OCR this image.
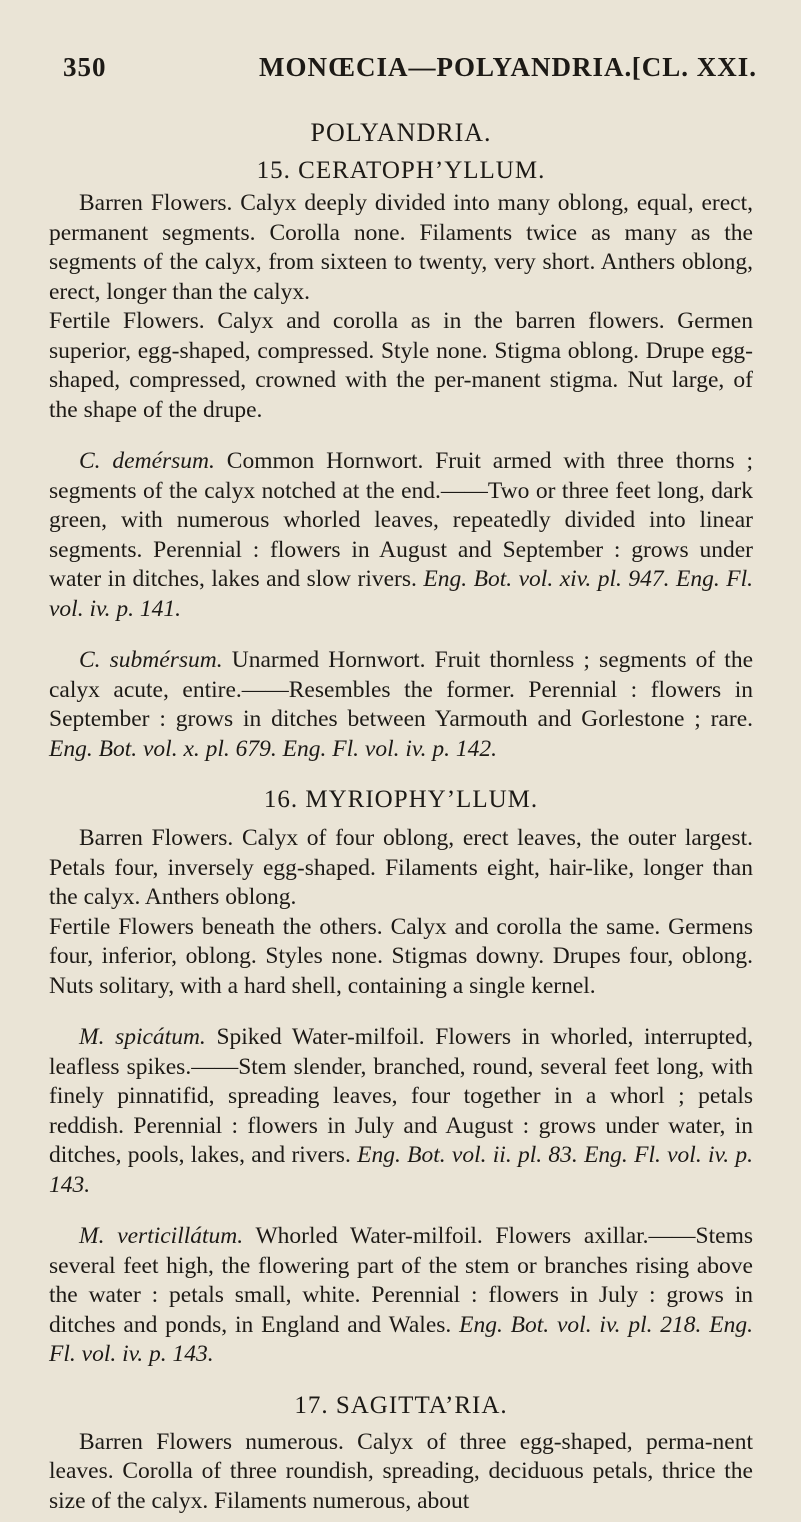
350	MONŒCIA—POLYANDRIA. [CL. XXI.
POLYANDRIA.
15. CERATOPH’YLLUM.

Barren Flowers. Calyx deeply divided into many oblong, equal, erect, permanent segments. Corolla none. Filaments twice as many as the segments of the calyx, from sixteen to twenty, very short. Anthers oblong, erect, longer than the calyx.
Fertile Flowers. Calyx and corolla as in the barren flowers. Germen superior, egg-shaped, compressed. Style none. Stigma oblong. Drupe egg-shaped, compressed, crowned with the per-manent stigma. Nut large, of the shape of the drupe.

C. demérsum. Common Hornwort. Fruit armed with three thorns ; segments of the calyx notched at the end.——Two or three feet long, dark green, with numerous whorled leaves, repeatedly divided into linear segments. Perennial : flowers in August and September : grows under water in ditches, lakes and slow rivers. Eng. Bot. vol. xiv. pl. 947. Eng. Fl. vol. iv. p. 141.

C. submérsum. Unarmed Hornwort. Fruit thornless ; segments of the calyx acute, entire.——Resembles the former. Perennial : flowers in September : grows in ditches between Yarmouth and Gorlestone ; rare. Eng. Bot. vol. x. pl. 679. Eng. Fl. vol. iv. p. 142.

16. MYRIOPHY’LLUM.

Barren Flowers. Calyx of four oblong, erect leaves, the outer largest. Petals four, inversely egg-shaped. Filaments eight, hair-like, longer than the calyx. Anthers oblong.
Fertile Flowers beneath the others. Calyx and corolla the same. Germens four, inferior, oblong. Styles none. Stigmas downy. Drupes four, oblong. Nuts solitary, with a hard shell, containing a single kernel.

M. spicátum. Spiked Water-milfoil. Flowers in whorled, interrupted, leafless spikes.——Stem slender, branched, round, several feet long, with finely pinnatifid, spreading leaves, four together in a whorl ; petals reddish. Perennial : flowers in July and August : grows under water, in ditches, pools, lakes, and rivers. Eng. Bot. vol. ii. pl. 83. Eng. Fl. vol. iv. p. 143.

M. verticillátum. Whorled Water-milfoil. Flowers axillar.——Stems several feet high, the flowering part of the stem or branches rising above the water : petals small, white. Perennial : flowers in July : grows in ditches and ponds, in England and Wales. Eng. Bot. vol. iv. pl. 218. Eng. Fl. vol. iv. p. 143.

17. SAGITTA’RIA.

Barren Flowers numerous. Calyx of three egg-shaped, perma-nent leaves. Corolla of three roundish, spreading, deciduous petals, thrice the size of the calyx. Filaments numerous, about
